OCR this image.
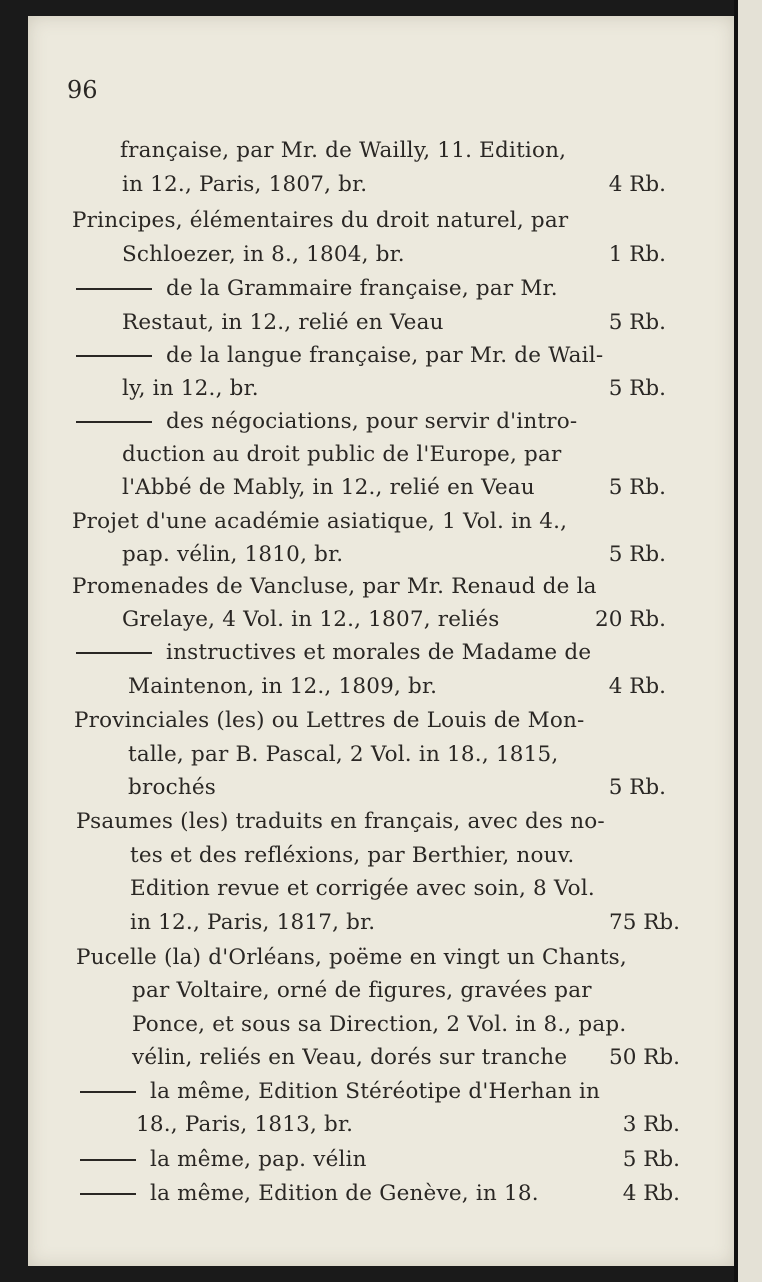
96
française, par Mr. de Wailly, 11. Edition,
in 12., Paris, 1807, br.	4 Rb.
Principes, élémentaires du droit naturel, par
Schloezer, in 8., 1804, br.	1 Rb.
de la Grammaire française, par Mr.
Restaut, in 12., relié en Veau	5 Rb.
de la langue française, par Mr. de Wail-
ly, in 12., br.	5 Rb.
des négociations, pour servir d'intro-
duction au droit public de l'Europe, par
l'Abbé de Mably, in 12., relié en Veau	5 Rb.
Projet d'une académie asiatique, 1 Vol. in 4.,
pap. vélin, 1810, br.	5 Rb.
Promenades de Vancluse, par Mr. Renaud de la
Grelaye, 4 Vol. in 12., 1807, reliés	20 Rb.
instructives et morales de Madame de
Maintenon, in 12., 1809, br.	4 Rb.
Provinciales (les) ou Lettres de Louis de Mon-
talle, par B. Pascal, 2 Vol. in 18., 1815,
brochés	5 Rb.
Psaumes (les) traduits en français, avec des no-
tes et des refléxions, par Berthier, nouv.
Edition revue et corrigée avec soin, 8 Vol.
in 12., Paris, 1817, br.	75 Rb.
Pucelle (la) d'Orléans, poëme en vingt un Chants,
par Voltaire, orné de figures, gravées par
Ponce, et sous sa Direction, 2 Vol. in 8., pap.
vélin, reliés en Veau, dorés sur tranche 50 Rb.
la même, Edition Stéréotipe d'Herhan in
18., Paris, 1813, br.	3 Rb.
la même, pap. vélin	5 Rb.
la même, Edition de Genève, in 18.	4 Rb.
